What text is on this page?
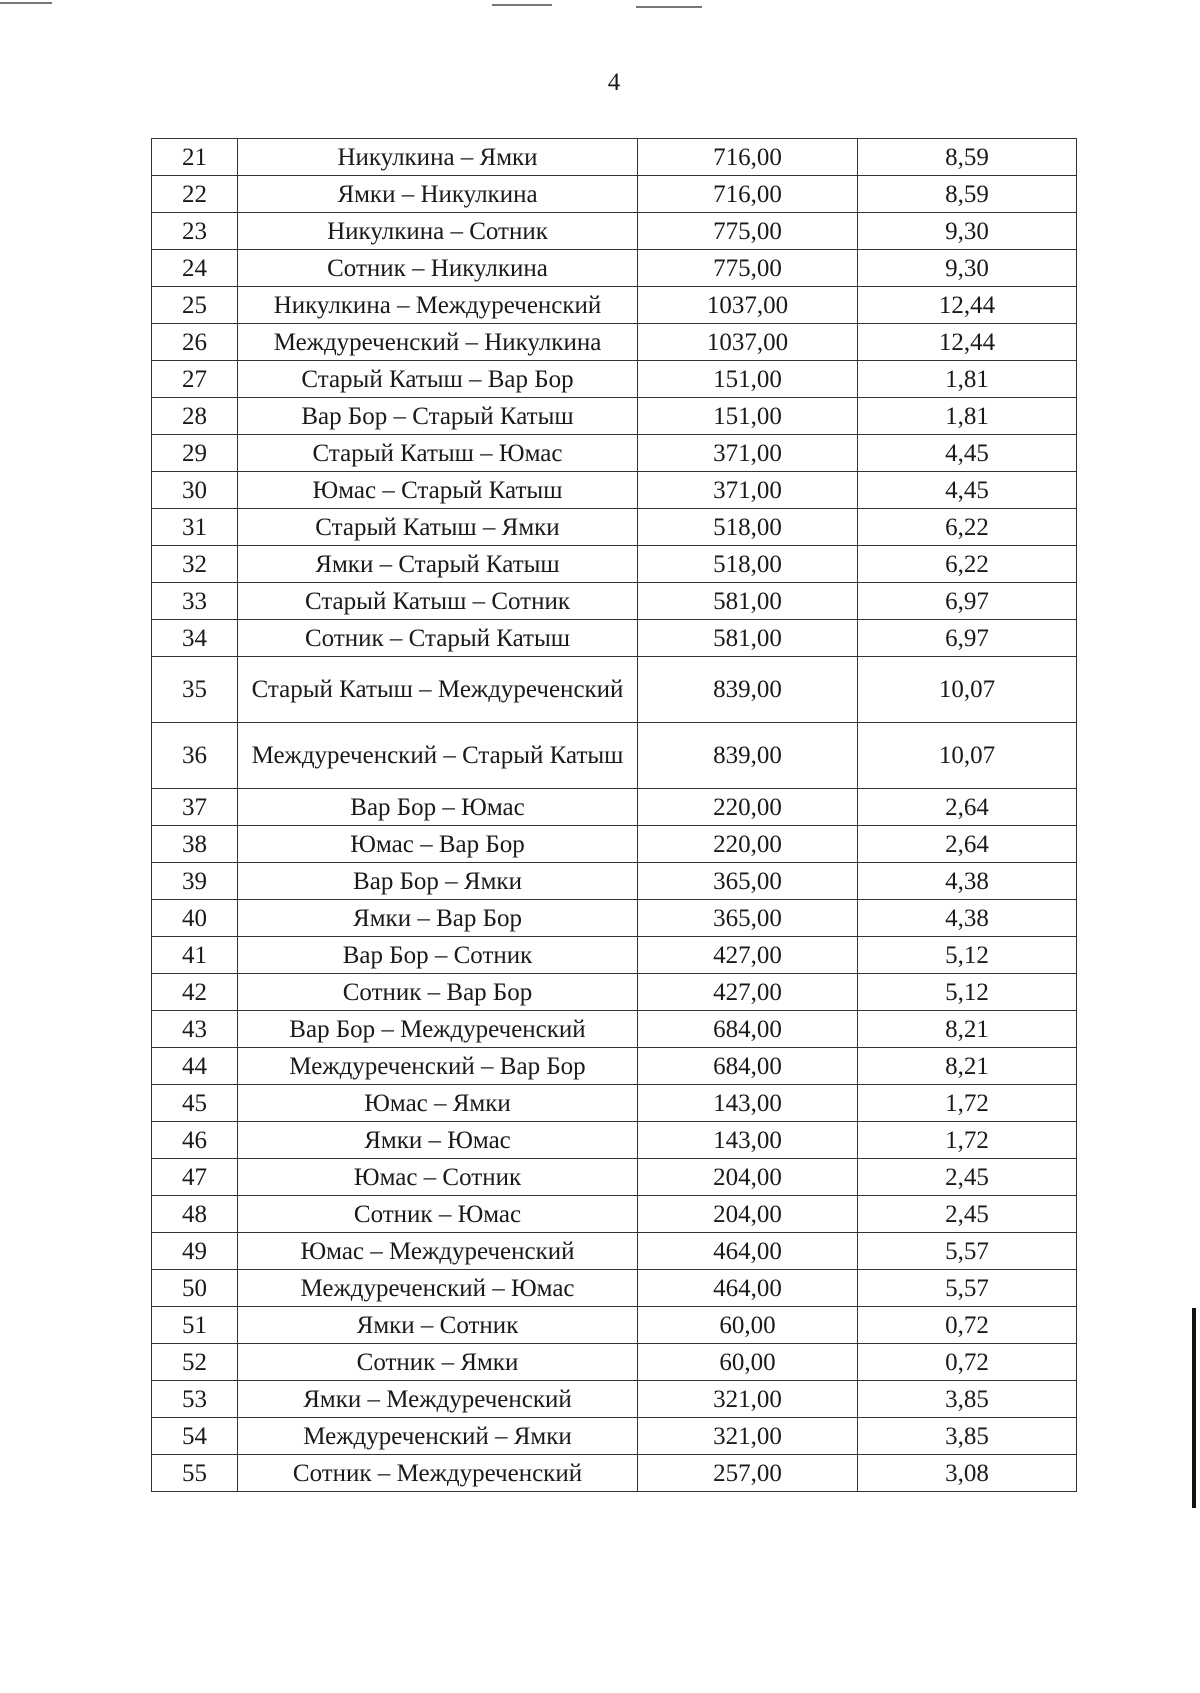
4
21	Никулкина – Ямки	716,00	8,59
22	Ямки – Никулкина	716,00	8,59
23	Никулкина – Сотник	775,00	9,30
24	Сотник – Никулкина	775,00	9,30
25	Никулкина – Междуреченский	1037,00	12,44
26	Междуреченский – Никулкина	1037,00	12,44
27	Старый Катыш – Вар Бор	151,00	1,81
28	Вар Бор – Старый Катыш	151,00	1,81
29	Старый Катыш – Юмас	371,00	4,45
30	Юмас – Старый Катыш	371,00	4,45
31	Старый Катыш – Ямки	518,00	6,22
32	Ямки – Старый Катыш	518,00	6,22
33	Старый Катыш – Сотник	581,00	6,97
34	Сотник – Старый Катыш	581,00	6,97
35	Старый Катыш – Междуреченский	839,00	10,07
36	Междуреченский – Старый Катыш	839,00	10,07
37	Вар Бор – Юмас	220,00	2,64
38	Юмас – Вар Бор	220,00	2,64
39	Вар Бор – Ямки	365,00	4,38
40	Ямки – Вар Бор	365,00	4,38
41	Вар Бор – Сотник	427,00	5,12
42	Сотник – Вар Бор	427,00	5,12
43	Вар Бор – Междуреченский	684,00	8,21
44	Междуреченский – Вар Бор	684,00	8,21
45	Юмас – Ямки	143,00	1,72
46	Ямки – Юмас	143,00	1,72
47	Юмас – Сотник	204,00	2,45
48	Сотник – Юмас	204,00	2,45
49	Юмас – Междуреченский	464,00	5,57
50	Междуреченский – Юмас	464,00	5,57
51	Ямки – Сотник	60,00	0,72
52	Сотник – Ямки	60,00	0,72
53	Ямки – Междуреченский	321,00	3,85
54	Междуреченский – Ямки	321,00	3,85
55	Сотник – Междуреченский	257,00	3,08
